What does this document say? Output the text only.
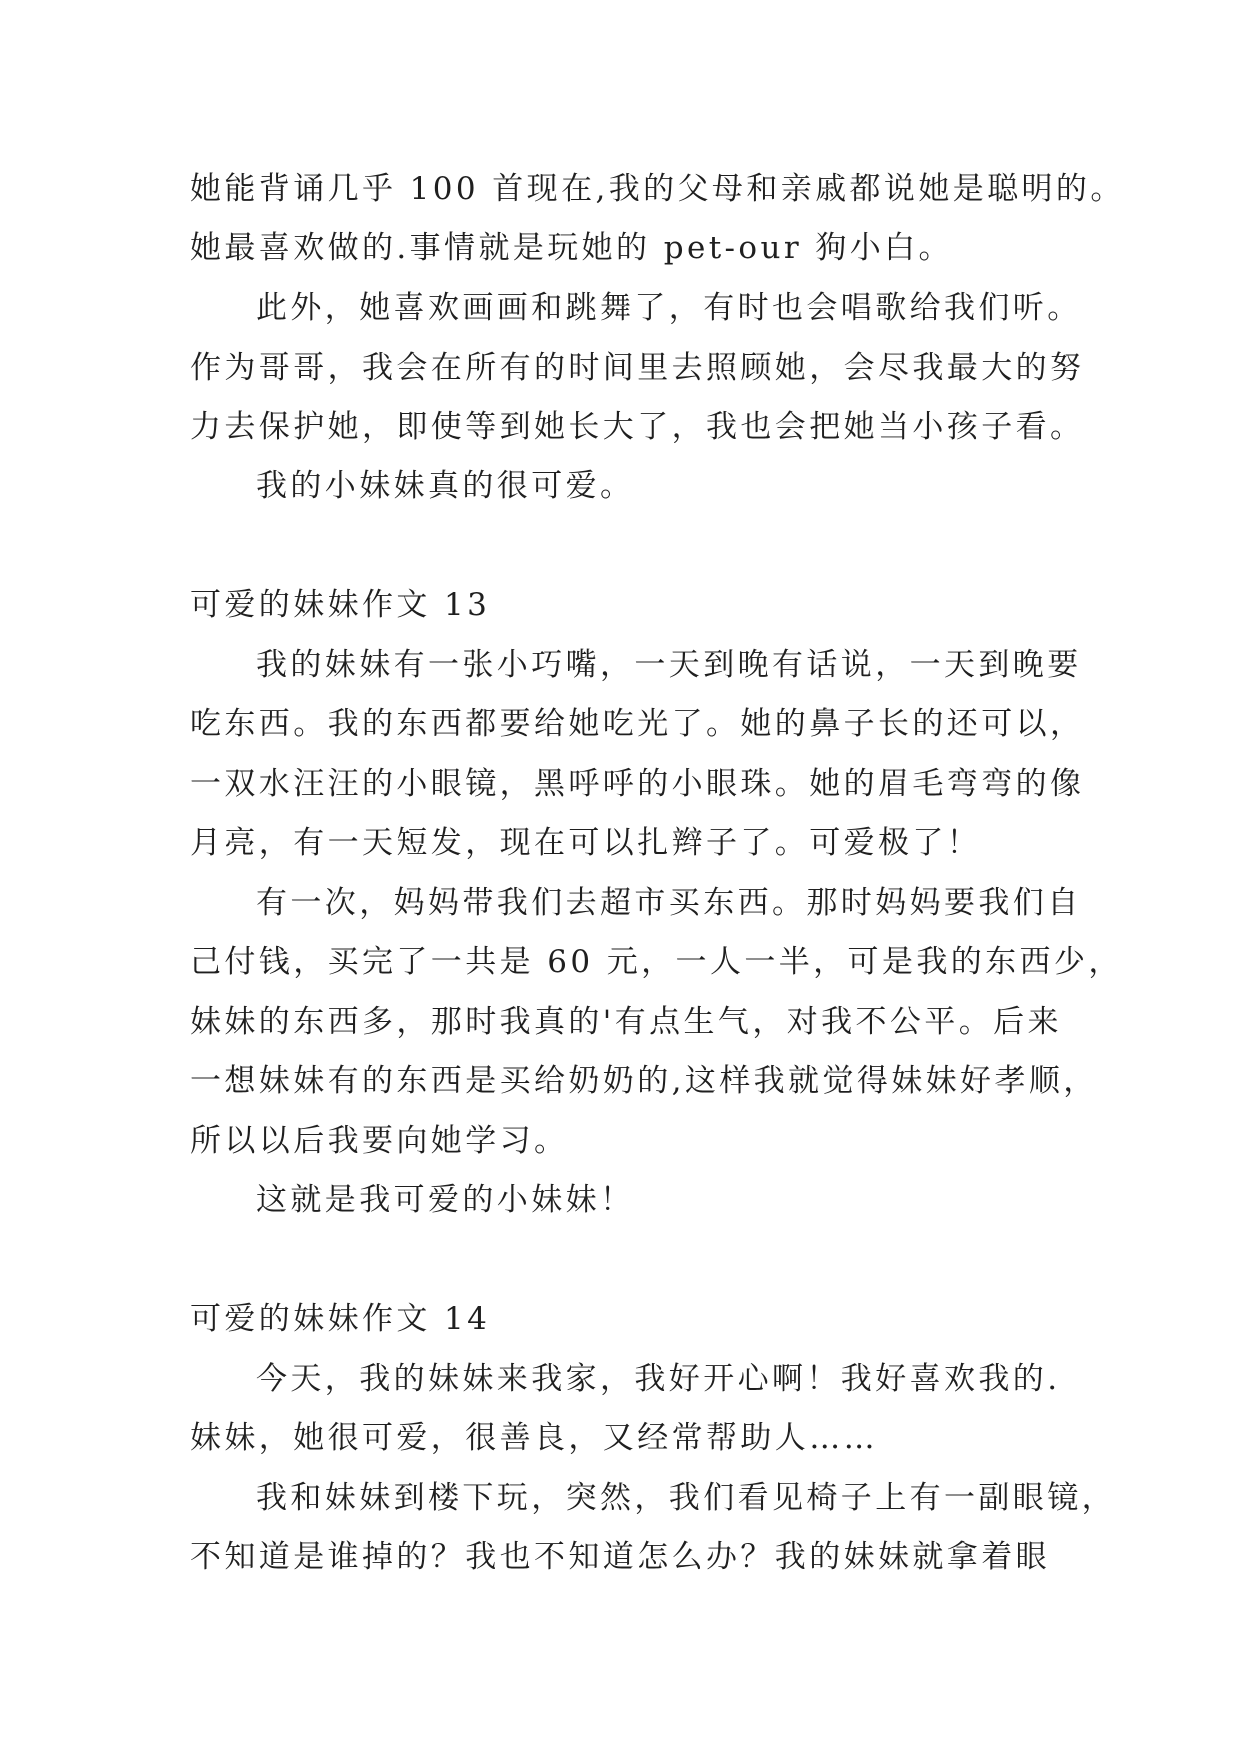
她能背诵几乎 100 首现在,我的父母和亲戚都说她是聪明的。
她最喜欢做的.事情就是玩她的 pet-our 狗小白。
此外，她喜欢画画和跳舞了，有时也会唱歌给我们听。
作为哥哥，我会在所有的时间里去照顾她，会尽我最大的努
力去保护她，即使等到她长大了，我也会把她当小孩子看。
我的小妹妹真的很可爱。
可爱的妹妹作文 13
我的妹妹有一张小巧嘴，一天到晚有话说，一天到晚要
吃东西。我的东西都要给她吃光了。她的鼻子长的还可以，
一双水汪汪的小眼镜，黑呼呼的小眼珠。她的眉毛弯弯的像
月亮，有一天短发，现在可以扎辫子了。可爱极了！
有一次，妈妈带我们去超市买东西。那时妈妈要我们自
己付钱，买完了一共是 60 元，一人一半，可是我的东西少，
妹妹的东西多，那时我真的'有点生气，对我不公平。后来
一想妹妹有的东西是买给奶奶的,这样我就觉得妹妹好孝顺，
所以以后我要向她学习。
这就是我可爱的小妹妹！
可爱的妹妹作文 14
今天，我的妹妹来我家，我好开心啊！我好喜欢我的.
妹妹，她很可爱，很善良，又经常帮助人……
我和妹妹到楼下玩，突然，我们看见椅子上有一副眼镜，
不知道是谁掉的？我也不知道怎么办？我的妹妹就拿着眼
